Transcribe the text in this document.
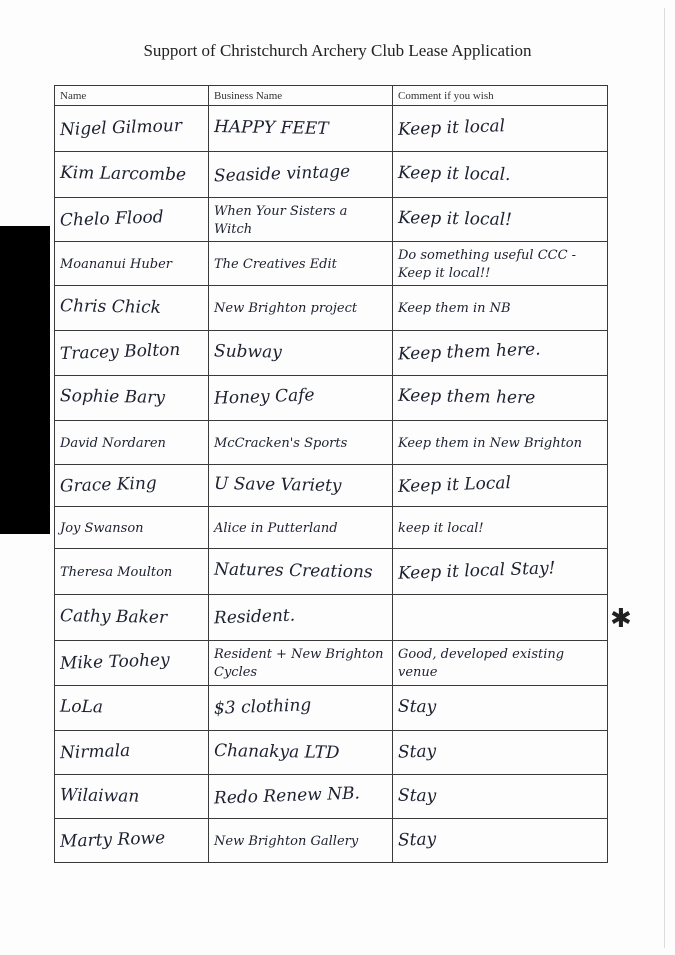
Support of Christchurch Archery Club Lease Application
Name	Business Name	Comment if you wish
Nigel Gilmour	HAPPY FEET	Keep it local
Kim Larcombe	Seaside vintage	Keep it local.
Chelo Flood	When Your Sisters a Witch	Keep it local!
Moananui Huber	The Creatives Edit	Do something useful CCC - Keep it local!!
Chris Chick	New Brighton project	Keep them in NB
Tracey Bolton	Subway	Keep them here.
Sophie Bary	Honey Cafe	Keep them here
David Nordaren	McCracken's Sports	Keep them in New Brighton
Grace King	U Save Variety	Keep it Local
Joy Swanson	Alice in Putterland	keep it local!
Theresa Moulton	Natures Creations	Keep it local Stay!
Cathy Baker	Resident.	
Mike Toohey	Resident + New Brighton Cycles	Good, developed existing venue
LoLa	$3 clothing	Stay
Nirmala	Chanakya LTD	Stay
Wilaiwan	Redo Renew NB.	Stay
Marty Rowe	New Brighton Gallery	Stay
✱
